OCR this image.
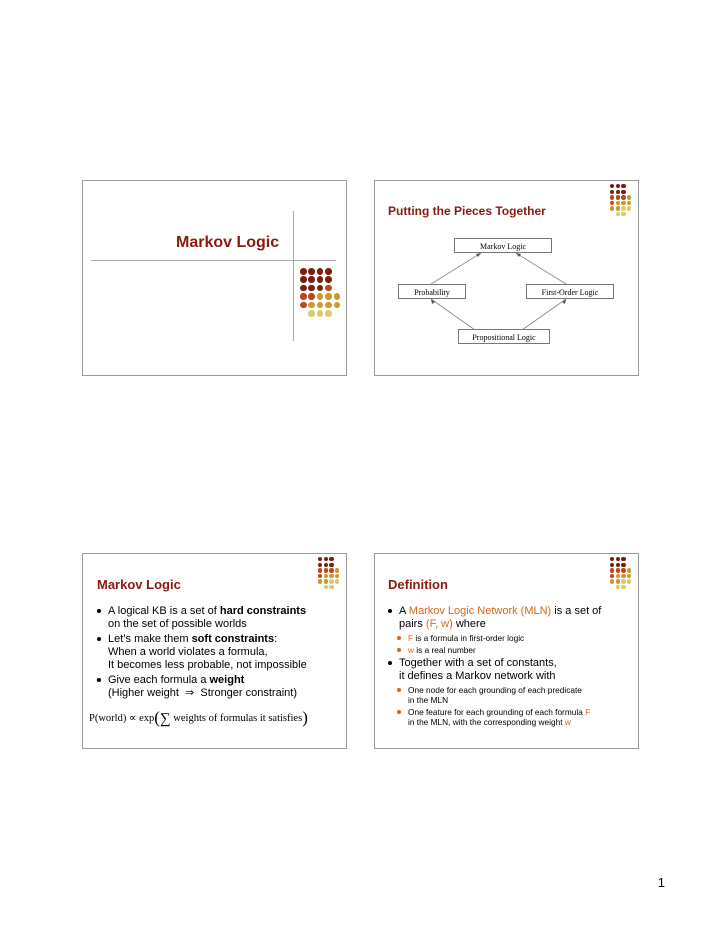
Markov Logic
Putting the Pieces Together
Markov Logic
Probability	First-Order Logic
Propositional Logic
Markov Logic
A logical KB is a set of hard constraints
on the set of possible worlds
Let’s make them soft constraints:
When a world violates a formula,
It becomes less probable, not impossible
Give each formula a weight
(Higher weight ⇒ Stronger constraint)
P(world) ∝ exp(∑ weights of formulas it satisfies)
Definition
A Markov Logic Network (MLN) is a set of
pairs (F, w) where
F is a formula in first-order logic
w is a real number
Together with a set of constants,
it defines a Markov network with
One node for each grounding of each predicate
in the MLN
One feature for each grounding of each formula F
in the MLN, with the corresponding weight w
1
